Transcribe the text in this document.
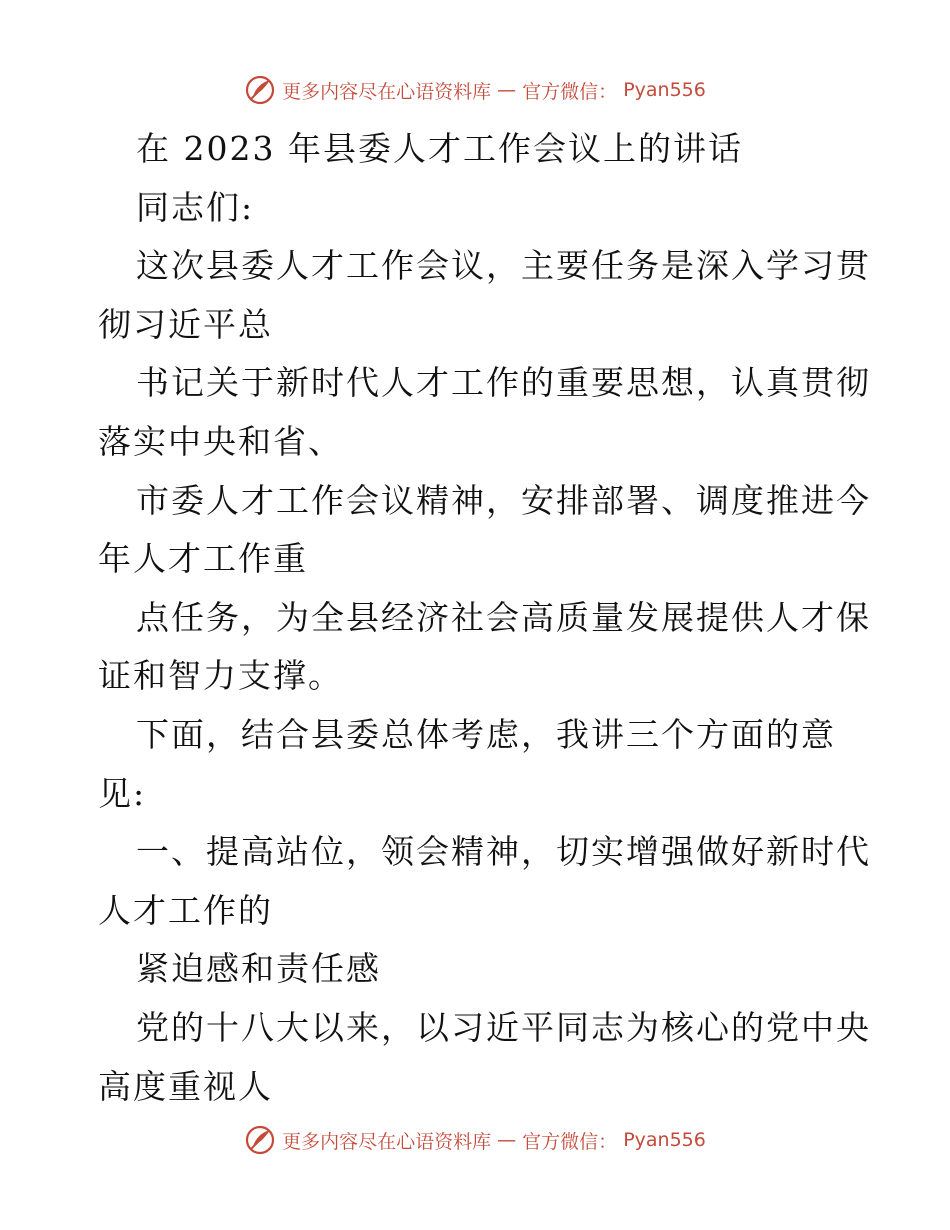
更多内容尽在心语资料库 — 官方微信： Pyan556
在 2023 年县委人才工作会议上的讲话
同志们:
这次县委人才工作会议，主要任务是深入学习贯
彻习近平总
书记关于新时代人才工作的重要思想，认真贯彻
落实中央和省、
市委人才工作会议精神，安排部署、调度推进今
年人才工作重
点任务，为全县经济社会高质量发展提供人才保
证和智力支撑。
下面，结合县委总体考虑，我讲三个方面的意
见:
一、提高站位，领会精神，切实增强做好新时代
人才工作的
紧迫感和责任感
党的十八大以来，以习近平同志为核心的党中央
高度重视人
更多内容尽在心语资料库 — 官方微信： Pyan556
